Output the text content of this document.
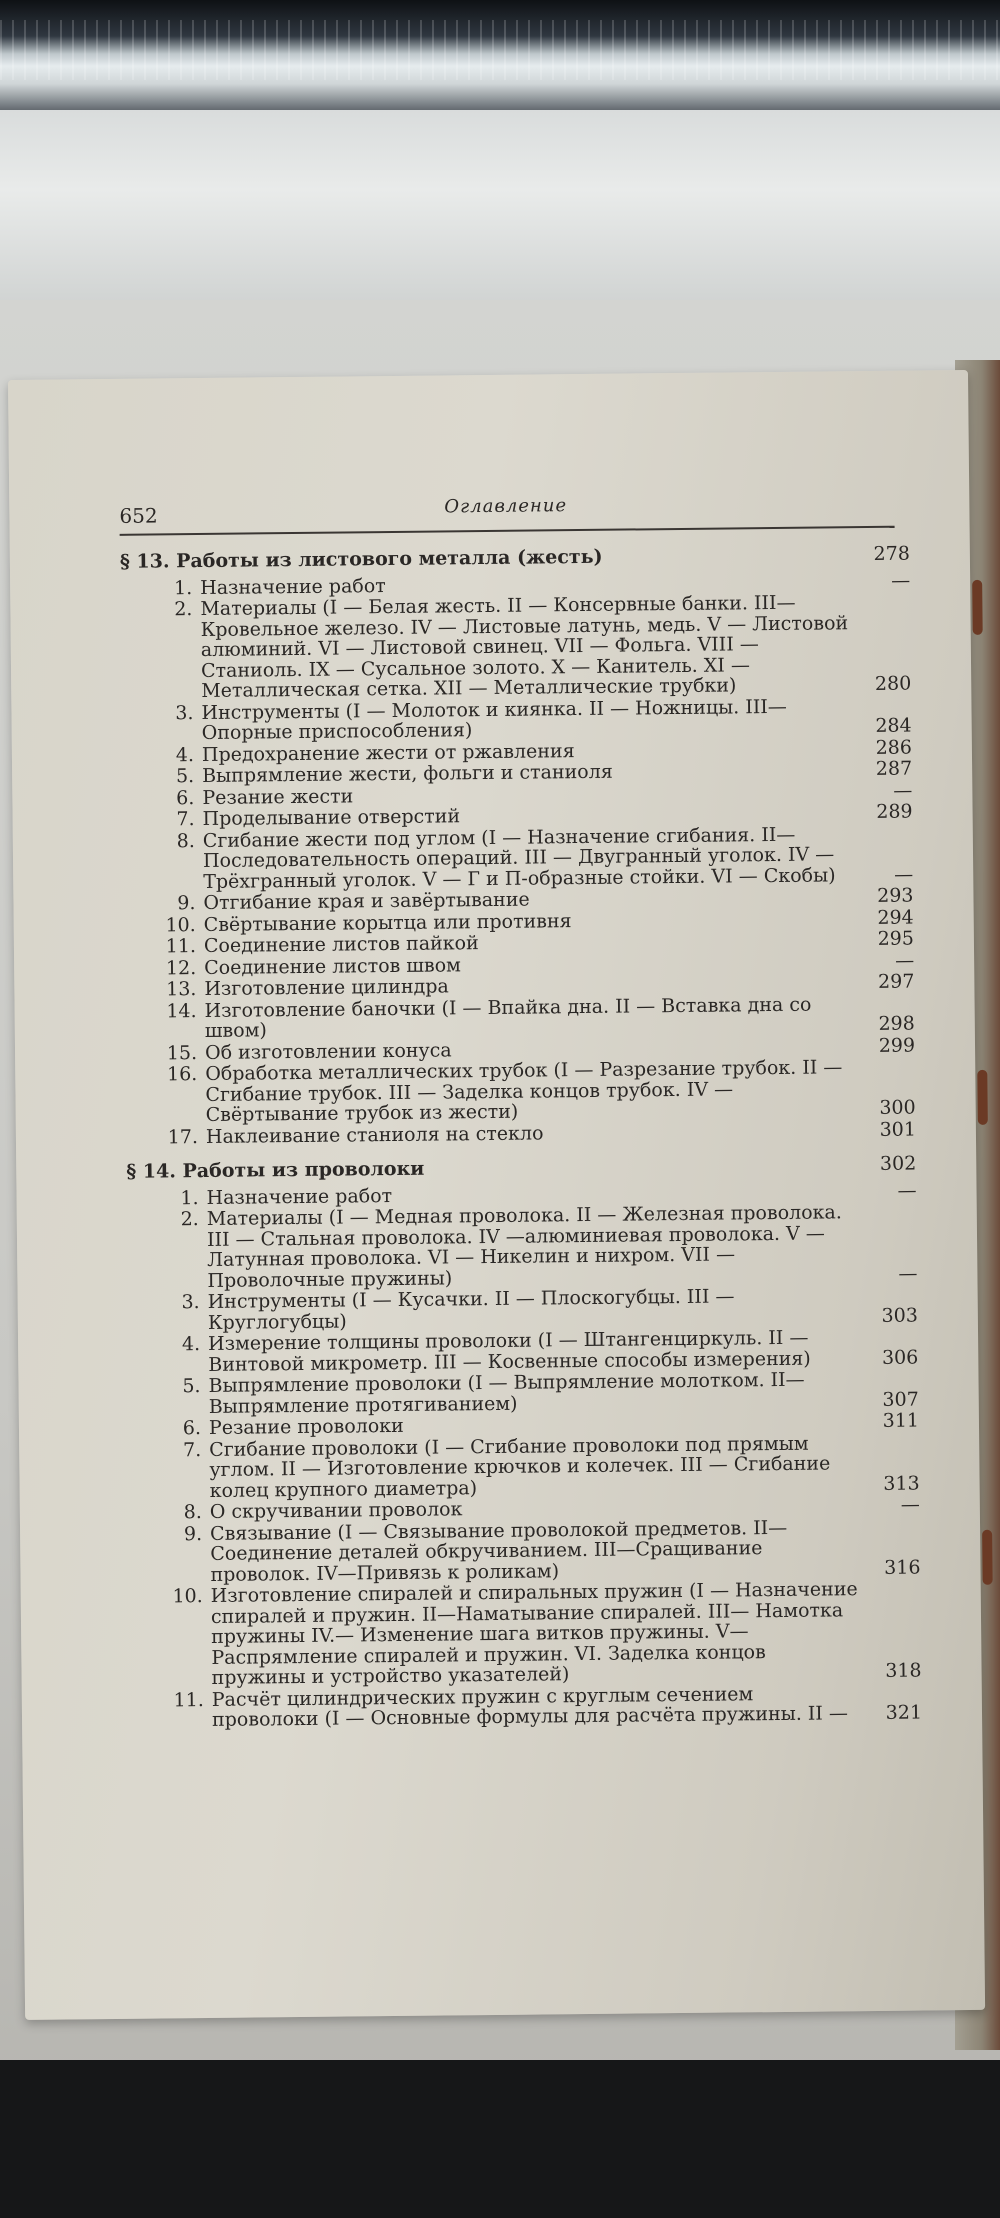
652	Оглавление
§ 13. Работы из листового металла (жесть)	278
1. Назначение работ	—
2. Материалы (I — Белая жесть. II — Консервные банки. III— Кровельное железо. IV — Листовые латунь, медь. V — Листовой алюминий. VI — Листовой свинец. VII — Фольга. VIII — Станиоль. IX — Сусальное золото. X — Канитель. XI — Металлическая сетка. XII — Металлические трубки)	280
3. Инструменты (I — Молоток и киянка. II — Ножницы. III— Опорные приспособления)	284
4. Предохранение жести от ржавления	286
5. Выпрямление жести, фольги и станиоля	287
6. Резание жести	—
7. Проделывание отверстий	289
8. Сгибание жести под углом (I — Назначение сгибания. II— Последовательность операций. III — Двугранный уголок. IV — Трёхгранный уголок. V — Г и П-образные стойки. VI — Скобы)	—
9. Отгибание края и завёртывание	293
10. Свёртывание корытца или противня	294
11. Соединение листов пайкой	295
12. Соединение листов швом	—
13. Изготовление цилиндра	297
14. Изготовление баночки (I — Впайка дна. II — Вставка дна со швом)	298
15. Об изготовлении конуса	299
16. Обработка металлических трубок (I — Разрезание трубок. II — Сгибание трубок. III — Заделка концов трубок. IV — Свёртывание трубок из жести)	300
17. Наклеивание станиоля на стекло	301
§ 14. Работы из проволоки	302
1. Назначение работ	—
2. Материалы (I — Медная проволока. II — Железная проволока. III — Стальная проволока. IV —алюминиевая проволока. V — Латунная проволока. VI — Никелин и нихром. VII — Проволочные пружины)	—
3. Инструменты (I — Кусачки. II — Плоскогубцы. III — Круглогубцы)	303
4. Измерение толщины проволоки (I — Штангенциркуль. II — Винтовой микрометр. III — Косвенные способы измерения)	306
5. Выпрямление проволоки (I — Выпрямление молотком. II— Выпрямление протягиванием)	307
6. Резание проволоки	311
7. Сгибание проволоки (I — Сгибание проволоки под прямым углом. II — Изготовление крючков и колечек. III — Сгибание колец крупного диаметра)	313
8. О скручивании проволок	—
9. Связывание (I — Связывание проволокой предметов. II— Соединение деталей обкручиванием. III—Сращивание проволок. IV—Привязь к роликам)	316
10. Изготовление спиралей и спиральных пружин (I — Назначение спиралей и пружин. II—Наматывание спиралей. III— Намотка пружины IV.— Изменение шага витков пружины. V— Распрямление спиралей и пружин. VI. Заделка концов пружины и устройство указателей)	318
11. Расчёт цилиндрических пружин с круглым сечением проволоки (I — Основные формулы для расчёта пружины. II —	321
